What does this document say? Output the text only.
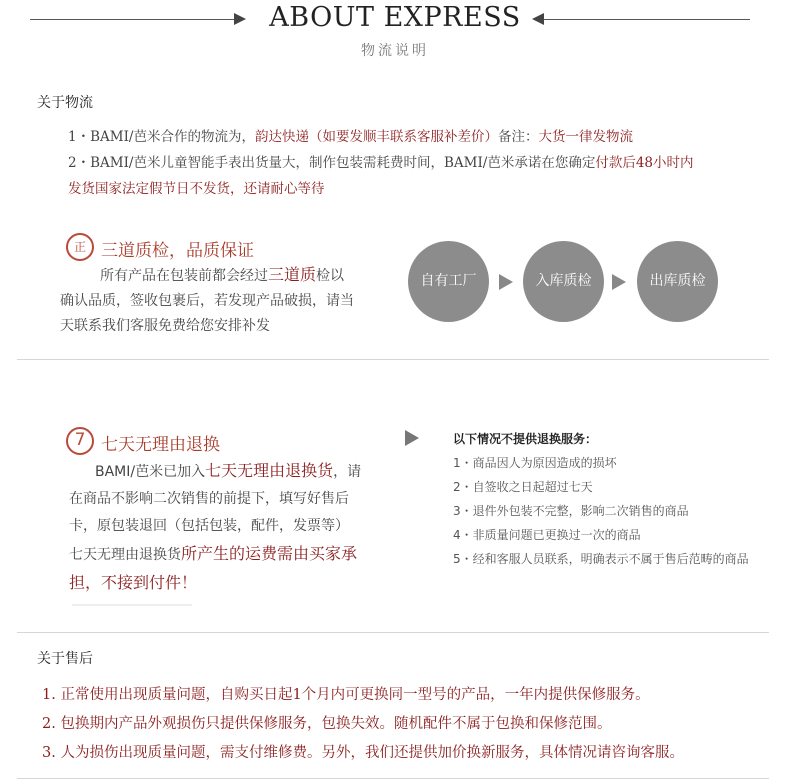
ABOUT EXPRESS
物流说明
关于物流
1・BAMI/芭米合作的物流为，韵达快递（如要发顺丰联系客服补差价）备注：大货一律发物流
2・BAMI/芭米儿童智能手表出货量大，制作包装需耗费时间，BAMI/芭米承诺在您确定付款后48小时内
发货国家法定假节日不发货，还请耐心等待
正 三道质检，品质保证
所有产品在包装前都会经过三道质检以
确认品质，签收包裹后，若发现产品破损，请当
天联系我们客服免费给您安排补发
自有工厂	入库质检	出库质检
7 七天无理由退换
BAMI/芭米已加入七天无理由退换货，请
在商品不影响二次销售的前提下，填写好售后
卡，原包装退回（包括包装，配件，发票等）
七天无理由退换货所产生的运费需由买家承
担，不接到付件！
以下情况不提供退换服务：
1・商品因人为原因造成的损坏
2・自签收之日起超过七天
3・退件外包装不完整，影响二次销售的商品
4・非质量问题已更换过一次的商品
5・经和客服人员联系，明确表示不属于售后范畴的商品
关于售后
1. 正常使用出现质量问题，自购买日起1个月内可更换同一型号的产品，一年内提供保修服务。
2. 包换期内产品外观损伤只提供保修服务，包换失效。随机配件不属于包换和保修范围。
3. 人为损伤出现质量问题，需支付维修费。另外，我们还提供加价换新服务，具体情况请咨询客服。
